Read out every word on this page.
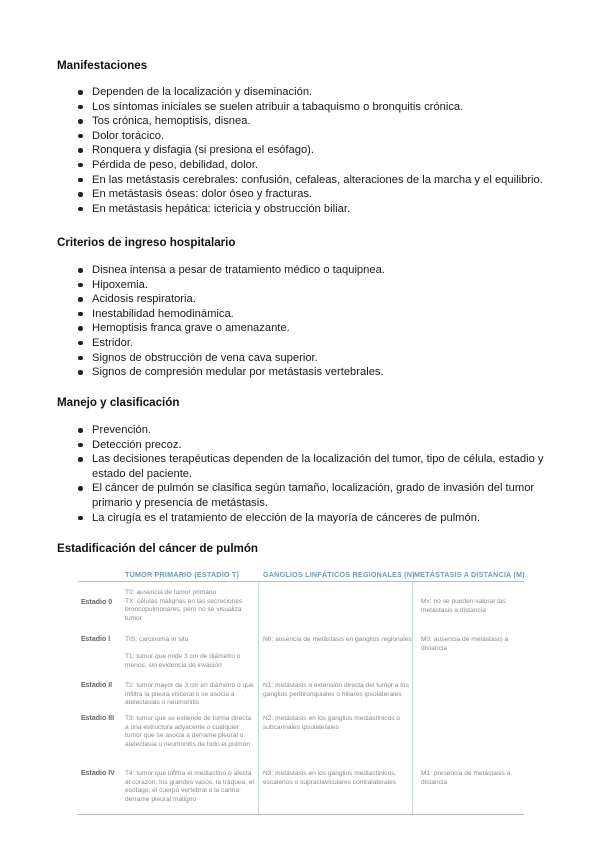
Manifestaciones
Dependen de la localización y diseminación.
Los síntomas iniciales se suelen atribuir a tabaquismo o bronquitis crónica.
Tos crónica, hemoptisis, disnea.
Dolor torácico.
Ronquera y disfagia (si presiona el esófago).
Pérdida de peso, debilidad, dolor.
En las metástasis cerebrales: confusión, cefaleas, alteraciones de la marcha y el equilibrio.
En metástasis óseas: dolor óseo y fracturas.
En metástasis hepática: ictericia y obstrucción biliar.
Criterios de ingreso hospitalario
Disnea intensa a pesar de tratamiento médico o taquipnea.
Hipoxemia.
Acidosis respiratoria.
Inestabilidad hemodinámica.
Hemoptisis franca grave o amenazante.
Estridor.
Signos de obstrucción de vena cava superior.
Signos de compresión medular por metástasis vertebrales.
Manejo y clasificación
Prevención.
Detección precoz.
Las decisiones terapéuticas dependen de la localización del tumor, tipo de célula, estadio y estado del paciente.
El cáncer de pulmón se clasifica según tamaño, localización, grado de invasión del tumor primario y presencia de metástasis.
La cirugía es el tratamiento de elección de la mayoría de cánceres de pulmón.
Estadificación del cáncer de pulmón
TUMOR PRIMARIO (ESTADIO T)	GANGLIOS LINFÁTICOS REGIONALES (N) METÁSTASIS A DISTANCIA (M)
Estadio 0
T0: ausencia de tumor primario
TX: células malignas en las secreciones broncopulmonares, pero no se visualiza tumor
Mx: no se pueden valorar las metástasis a distancia
Estadio I TIS: carcinoma in situ

T1: tumor que mide 3 cm de diámetro o menos, sin evidencia de invasión
N0: ausencia de metástasis en ganglios regionales M0: ausencia de metástasis a distancia
Estadio II T2: tumor mayor de 3 cm en diámetro o que infiltra la pleura visceral o se asocia a atelectasias o neumonitis
N1: metástasis o extensión directa del tumor a los ganglios peribronquiales o hiliares ipsolaterales
Estadio III T3: tumor que se extiende de forma directa a una estructura adyacente o cualquier tumor que se asocia a derrame pleural o atelectasia o neumonitis de todo el pulmón
N2: metástasis en los ganglios mediastínicos o subcarinales ipsolaterales
Estadio IV T4: tumor que infiltra el mediastino o afecta al corazón, los grandes vasos, la tráquea, el esófago, el cuerpo vertebral o la carina; derrame pleural maligno
N3: metástasis en los ganglios mediastínicos, escalenos o supraclaviculares contralaterales
M1: presencia de metástasis a distancia
